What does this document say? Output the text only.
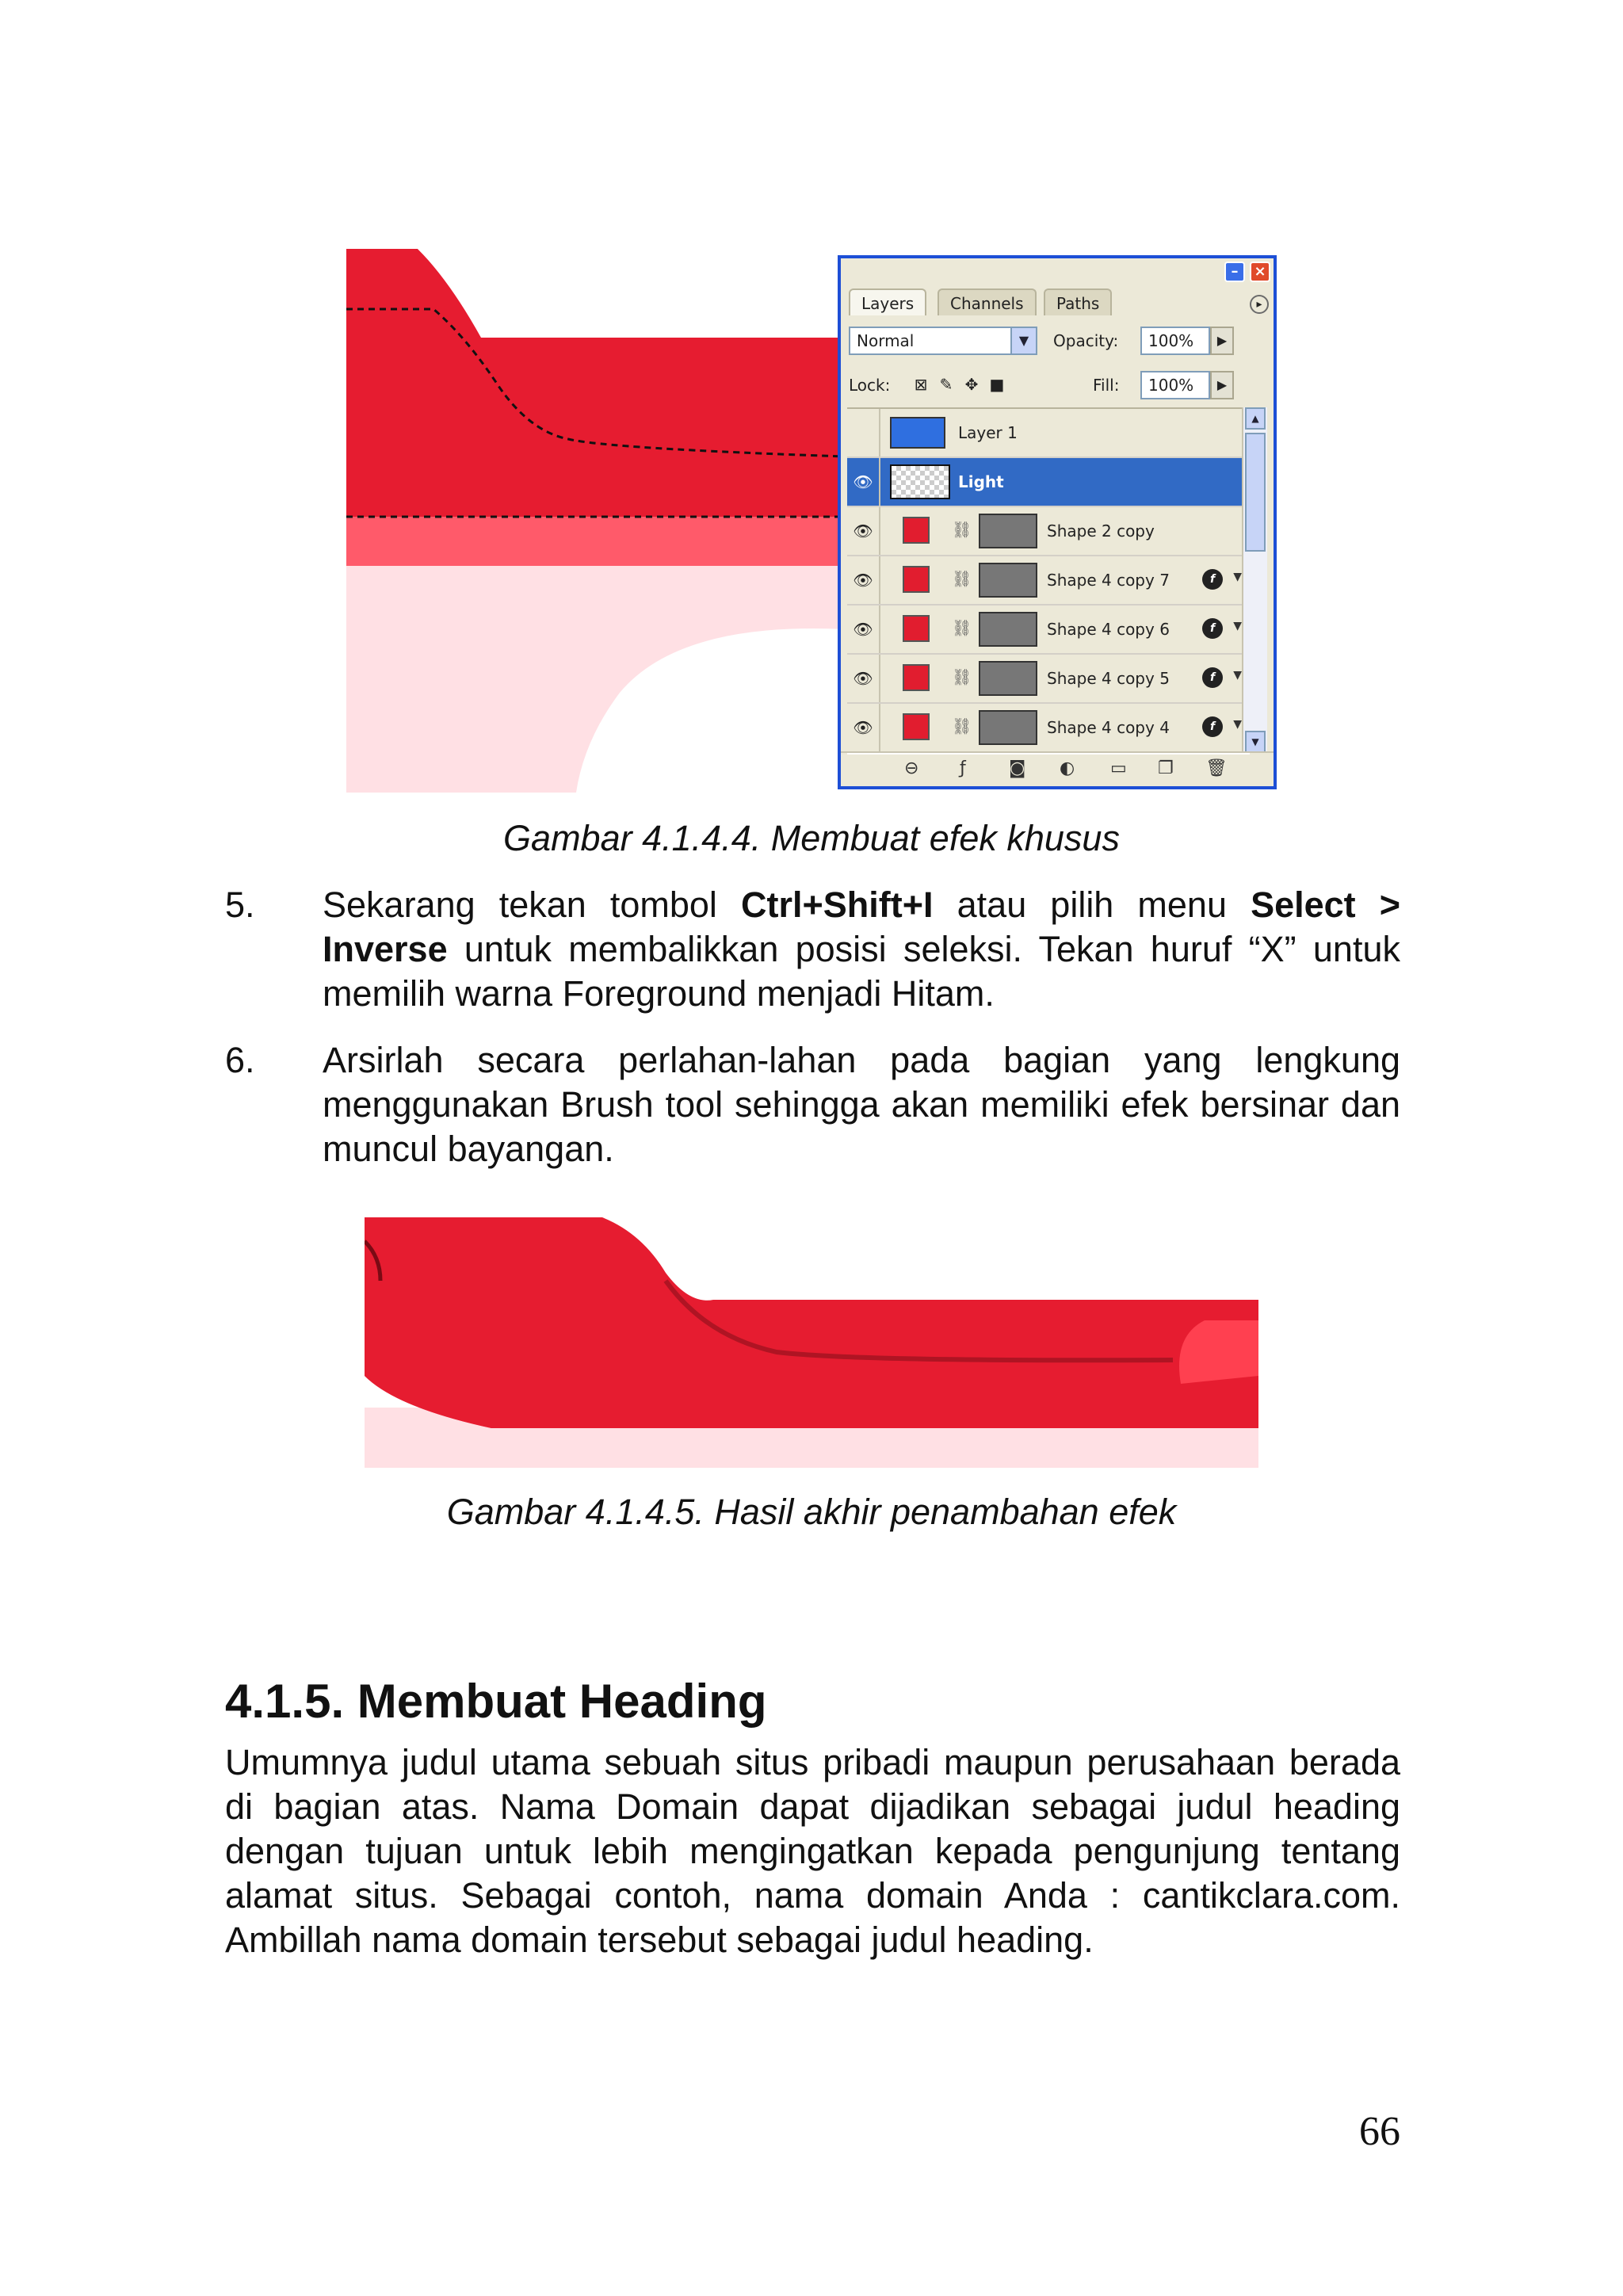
–	×
Layers	Channels	Paths	▸
Normal	▼	Opacity:	100%	▶
Lock: ⊠ ✎ ✥ ■	Fill:	100%	▶
Layer 1
👁	Light
👁	⛓	Shape 2 copy
👁	⛓	Shape 4 copy 7	f	▼
👁	⛓	Shape 4 copy 6	f	▼
👁	⛓	Shape 4 copy 5	f	▼
👁	⛓	Shape 4 copy 4	f	▼
▲
▼
⊖ ƒ ◙ ◐ ▭ ❐ 🗑
Gambar 4.1.4.4. Membuat efek khusus
5. Sekarang tekan tombol Ctrl+Shift+I atau pilih menu Select > Inverse untuk membalikkan posisi seleksi. Tekan huruf “X” untuk memilih warna Foreground menjadi Hitam.
6. Arsirlah secara perlahan-lahan pada bagian yang lengkung menggunakan Brush tool sehingga akan memiliki efek bersinar dan muncul bayangan.
Gambar 4.1.4.5. Hasil akhir penambahan efek
4.1.5. Membuat Heading
Umumnya judul utama sebuah situs pribadi maupun perusahaan berada di bagian atas. Nama Domain dapat dijadikan sebagai judul heading dengan tujuan untuk lebih mengingatkan kepada pengunjung tentang alamat situs. Sebagai contoh, nama domain Anda : cantikclara.com. Ambillah nama domain tersebut sebagai judul heading.
66
